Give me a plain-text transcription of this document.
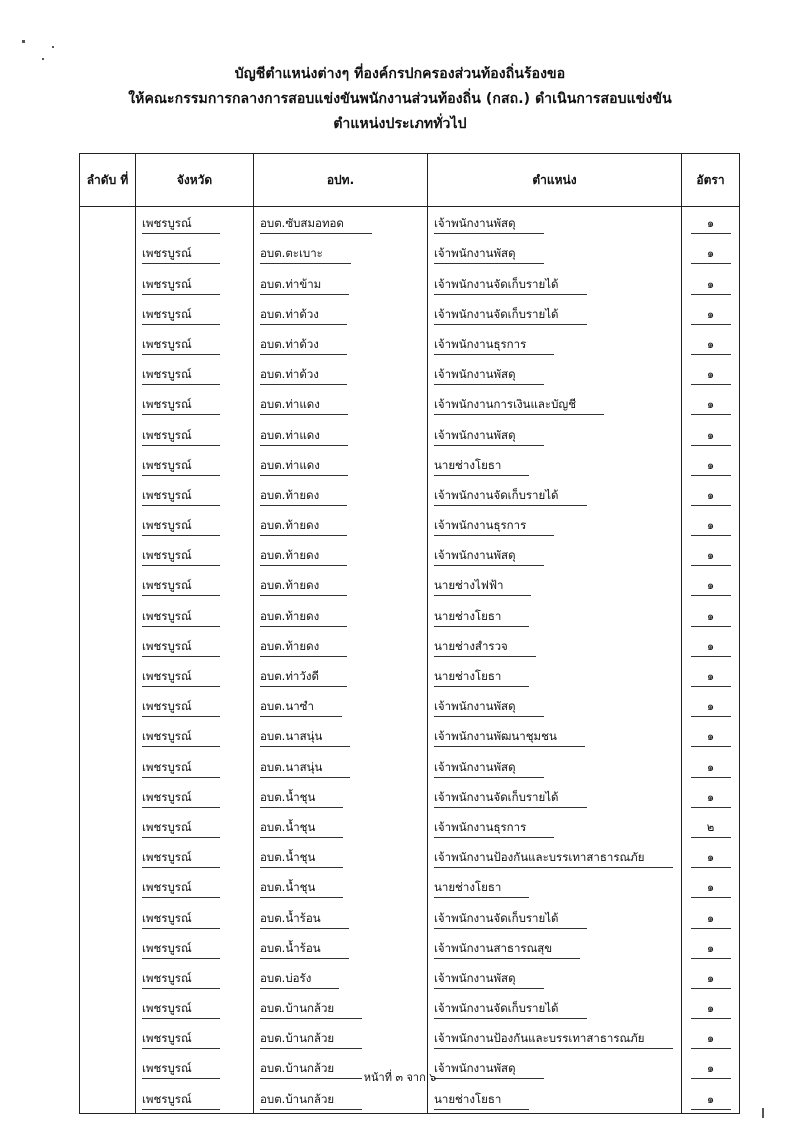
บัญชีตำแหน่งต่างๆ ที่องค์กรปกครองส่วนท้องถิ่นร้องขอ
ให้คณะกรรมการกลางการสอบแข่งขันพนักงานส่วนท้องถิ่น (กสถ.) ดำเนินการสอบแข่งขัน
ตำแหน่งประเภททั่วไป
ลำดับ ที่	จังหวัด	อปท.	ตำแหน่ง	อัตรา
	เพชรบูรณ์	อบต.ซับสมอทอด	เจ้าพนักงานพัสดุ	๑
	เพชรบูรณ์	อบต.ตะเบาะ	เจ้าพนักงานพัสดุ	๑
	เพชรบูรณ์	อบต.ท่าข้าม	เจ้าพนักงานจัดเก็บรายได้	๑
	เพชรบูรณ์	อบต.ท่าด้วง	เจ้าพนักงานจัดเก็บรายได้	๑
	เพชรบูรณ์	อบต.ท่าด้วง	เจ้าพนักงานธุรการ	๑
	เพชรบูรณ์	อบต.ท่าด้วง	เจ้าพนักงานพัสดุ	๑
	เพชรบูรณ์	อบต.ท่าแดง	เจ้าพนักงานการเงินและบัญชี	๑
	เพชรบูรณ์	อบต.ท่าแดง	เจ้าพนักงานพัสดุ	๑
	เพชรบูรณ์	อบต.ท่าแดง	นายช่างโยธา	๑
	เพชรบูรณ์	อบต.ท้ายดง	เจ้าพนักงานจัดเก็บรายได้	๑
	เพชรบูรณ์	อบต.ท้ายดง	เจ้าพนักงานธุรการ	๑
	เพชรบูรณ์	อบต.ท้ายดง	เจ้าพนักงานพัสดุ	๑
	เพชรบูรณ์	อบต.ท้ายดง	นายช่างไฟฟ้า	๑
	เพชรบูรณ์	อบต.ท้ายดง	นายช่างโยธา	๑
	เพชรบูรณ์	อบต.ท้ายดง	นายช่างสำรวจ	๑
	เพชรบูรณ์	อบต.ท่าวังดี	นายช่างโยธา	๑
	เพชรบูรณ์	อบต.นาซำ	เจ้าพนักงานพัสดุ	๑
	เพชรบูรณ์	อบต.นาสนุ่น	เจ้าพนักงานพัฒนาชุมชน	๑
	เพชรบูรณ์	อบต.นาสนุ่น	เจ้าพนักงานพัสดุ	๑
	เพชรบูรณ์	อบต.น้ำชุน	เจ้าพนักงานจัดเก็บรายได้	๑
	เพชรบูรณ์	อบต.น้ำชุน	เจ้าพนักงานธุรการ	๒
	เพชรบูรณ์	อบต.น้ำชุน	เจ้าพนักงานป้องกันและบรรเทาสาธารณภัย	๑
	เพชรบูรณ์	อบต.น้ำชุน	นายช่างโยธา	๑
	เพชรบูรณ์	อบต.น้ำร้อน	เจ้าพนักงานจัดเก็บรายได้	๑
	เพชรบูรณ์	อบต.น้ำร้อน	เจ้าพนักงานสาธารณสุข	๑
	เพชรบูรณ์	อบต.บ่อรัง	เจ้าพนักงานพัสดุ	๑
	เพชรบูรณ์	อบต.บ้านกล้วย	เจ้าพนักงานจัดเก็บรายได้	๑
	เพชรบูรณ์	อบต.บ้านกล้วย	เจ้าพนักงานป้องกันและบรรเทาสาธารณภัย	๑
	เพชรบูรณ์	อบต.บ้านกล้วย	เจ้าพนักงานพัสดุ	๑
	เพชรบูรณ์	อบต.บ้านกล้วย	นายช่างโยธา	๑
หน้าที่ ๓ จาก ๖
